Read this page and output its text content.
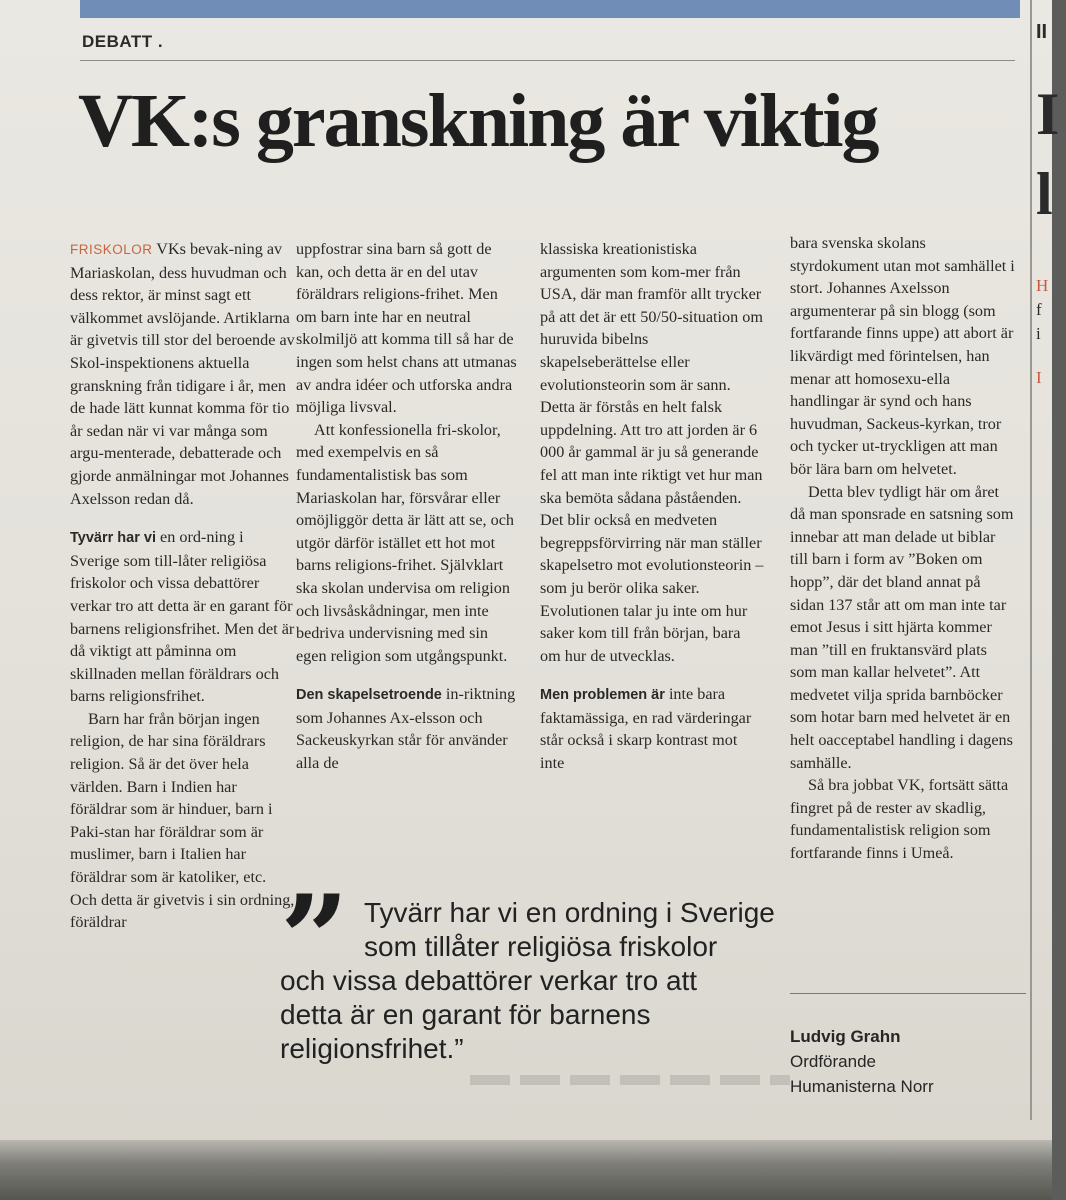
II
I
l
H
f
i
I
DEBATT .
VK:s granskning är viktig

FRISKOLOR VKs bevak-ning av Mariaskolan, dess huvudman och dess rektor, är minst sagt ett välkommet avslöjande. Artiklarna är givetvis till stor del beroende av Skol-inspektionens aktuella granskning från tidigare i år, men de hade lätt kunnat komma för tio år sedan när vi var många som argu-menterade, debatterade och gjorde anmälningar mot Johannes Axelsson redan då.

Tyvärr har vi en ord-ning i Sverige som till-låter religiösa friskolor och vissa debattörer verkar tro att detta är en garant för barnens religionsfrihet. Men det är då viktigt att påminna om skillnaden mellan föräldrars och barns religionsfrihet.

Barn har från början ingen religion, de har sina föräldrars religion. Så är det över hela världen. Barn i Indien har föräldrar som är hinduer, barn i Paki-stan har föräldrar som är muslimer, barn i Italien har föräldrar som är katoliker, etc. Och detta är givetvis i sin ordning, föräldrar

uppfostrar sina barn så gott de kan, och detta är en del utav föräldrars religions-frihet. Men om barn inte har en neutral skolmiljö att komma till så har de ingen som helst chans att utmanas av andra idéer och utforska andra möjliga livsval.

Att konfessionella fri-skolor, med exempelvis en så fundamentalistisk bas som Mariaskolan har, försvårar eller omöjliggör detta är lätt att se, och utgör därför istället ett hot mot barns religions-frihet. Självklart ska skolan undervisa om religion och livsåskådningar, men inte bedriva undervisning med sin egen religion som utgångspunkt.

Den skapelsetroende in-riktning som Johannes Ax-elsson och Sackeuskyrkan står för använder alla de

klassiska kreationistiska argumenten som kom-mer från USA, där man framför allt trycker på att det är ett 50/50-situation om huruvida bibelns skapelseberättelse eller evolutionsteorin som är sann. Detta är förstås en helt falsk uppdelning. Att tro att jorden är 6 000 år gammal är ju så generande fel att man inte riktigt vet hur man ska bemöta sådana påståenden. Det blir också en medveten begreppsförvirring när man ställer skapelsetro mot evolutionsteorin – som ju berör olika saker. Evolutionen talar ju inte om hur saker kom till från början, bara om hur de utvecklas.

Men problemen är inte bara faktamässiga, en rad värderingar står också i skarp kontrast mot inte

bara svenska skolans styrdokument utan mot samhället i stort. Johannes Axelsson argumenterar på sin blogg (som fortfarande finns uppe) att abort är likvärdigt med förintelsen, han menar att homosexu-ella handlingar är synd och hans huvudman, Sackeus-kyrkan, tror och tycker ut-tryckligen att man bör lära barn om helvetet.

Detta blev tydligt här om året då man sponsrade en satsning som innebar att man delade ut biblar till barn i form av ”Boken om hopp”, där det bland annat på sidan 137 står att om man inte tar emot Jesus i sitt hjärta kommer man ”till en fruktansvärd plats som man kallar helvetet”. Att medvetet vilja sprida barnböcker som hotar barn med helvetet är en helt oacceptabel handling i dagens samhälle.

Så bra jobbat VK, fortsätt sätta fingret på de rester av skadlig, fundamentalistisk religion som fortfarande finns i Umeå.

” Tyvärr har vi en ordning i Sverige
som tillåter religiösa friskolor
och vissa debattörer verkar tro att
detta är en garant för barnens
religionsfrihet.”	Ludvig Grahn
Ordförande
Humanisterna Norr
